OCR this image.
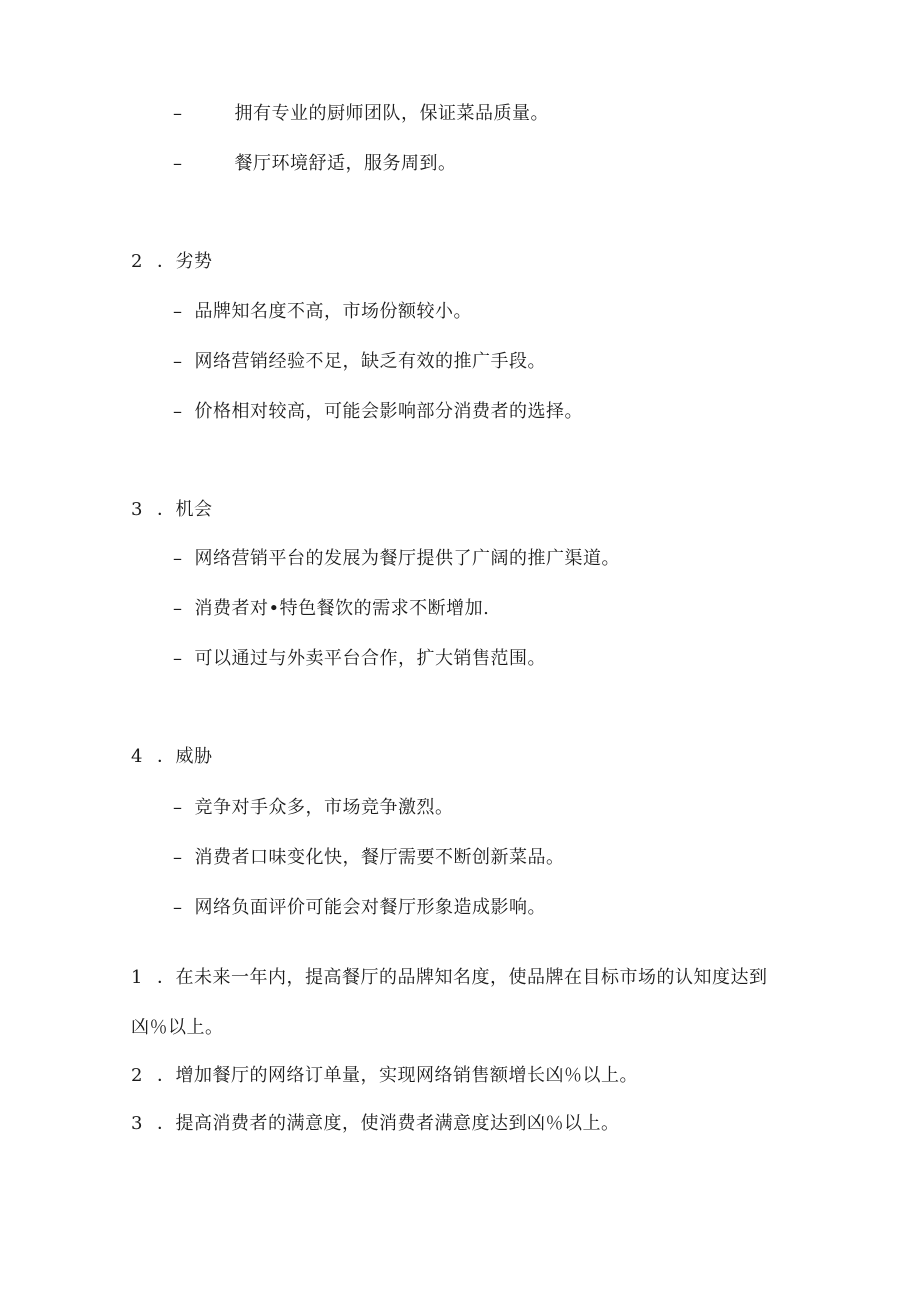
–	拥有专业的厨师团队，保证菜品质量。
–	餐厅环境舒适，服务周到。
2 ．劣势
– 品牌知名度不高，市场份额较小。
– 网络营销经验不足，缺乏有效的推广手段。
– 价格相对较高，可能会影响部分消费者的选择。
3 ．机会
– 网络营销平台的发展为餐厅提供了广阔的推广渠道。
– 消费者对•特色餐饮的需求不断增加.
– 可以通过与外卖平台合作，扩大销售范围。
4 ．威胁
– 竞争对手众多，市场竞争激烈。
– 消费者口味变化快，餐厅需要不断创新菜品。
– 网络负面评价可能会对餐厅形象造成影响。
1 ．在未来一年内，提高餐厅的品牌知名度，使品牌在目标市场的认知度达到
凶％以上。
2 ．增加餐厅的网络订单量，实现网络销售额增长凶％以上。
3 ．提高消费者的满意度，使消费者满意度达到凶％以上。
